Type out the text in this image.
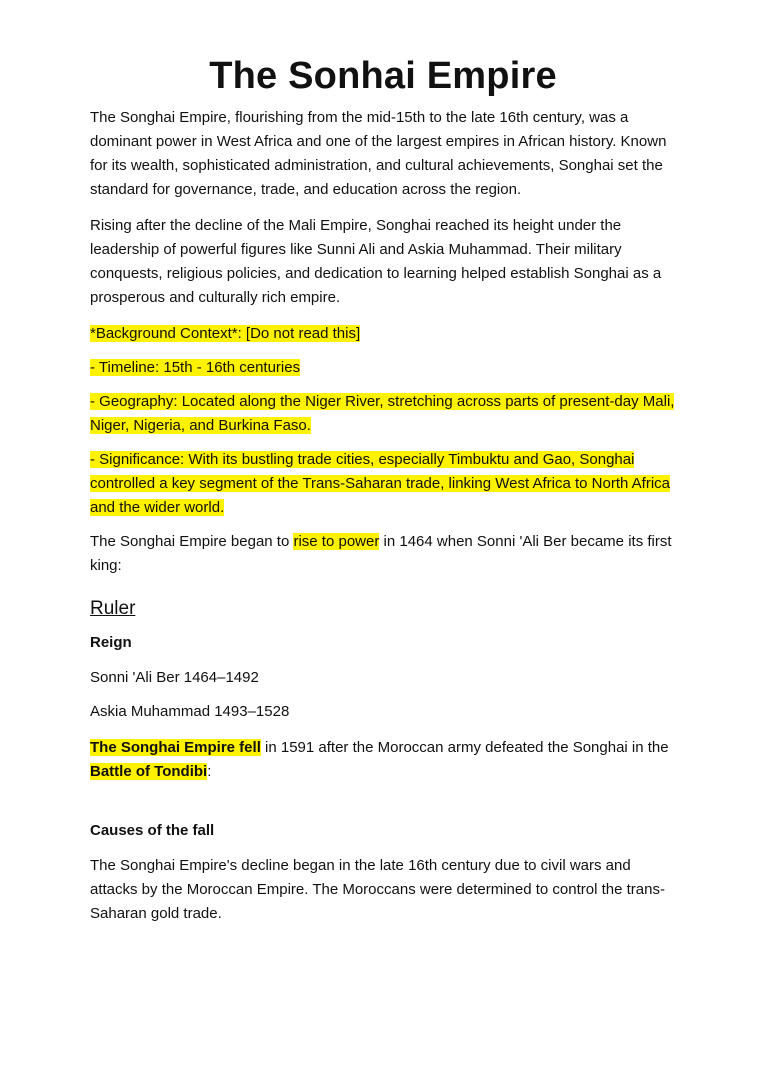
The Sonhai Empire

The Songhai Empire, flourishing from the mid-15th to the late 16th century, was a dominant power in West Africa and one of the largest empires in African history. Known for its wealth, sophisticated administration, and cultural achievements, Songhai set the standard for governance, trade, and education across the region.

Rising after the decline of the Mali Empire, Songhai reached its height under the leadership of powerful figures like Sunni Ali and Askia Muhammad. Their military conquests, religious policies, and dedication to learning helped establish Songhai as a prosperous and culturally rich empire.

*Background Context*: [Do not read this]

- Timeline: 15th - 16th centuries

- Geography: Located along the Niger River, stretching across parts of present-day Mali, Niger, Nigeria, and Burkina Faso.

- Significance: With its bustling trade cities, especially Timbuktu and Gao, Songhai controlled a key segment of the Trans-Saharan trade, linking West Africa to North Africa and the wider world.

The Songhai Empire began to rise to power in 1464 when Sonni 'Ali Ber became its first king:

Ruler

Reign

Sonni 'Ali Ber 1464–1492

Askia Muhammad 1493–1528

The Songhai Empire fell in 1591 after the Moroccan army defeated the Songhai in the Battle of Tondibi:

Causes of the fall

The Songhai Empire's decline began in the late 16th century due to civil wars and attacks by the Moroccan Empire. The Moroccans were determined to control the trans-Saharan gold trade.
